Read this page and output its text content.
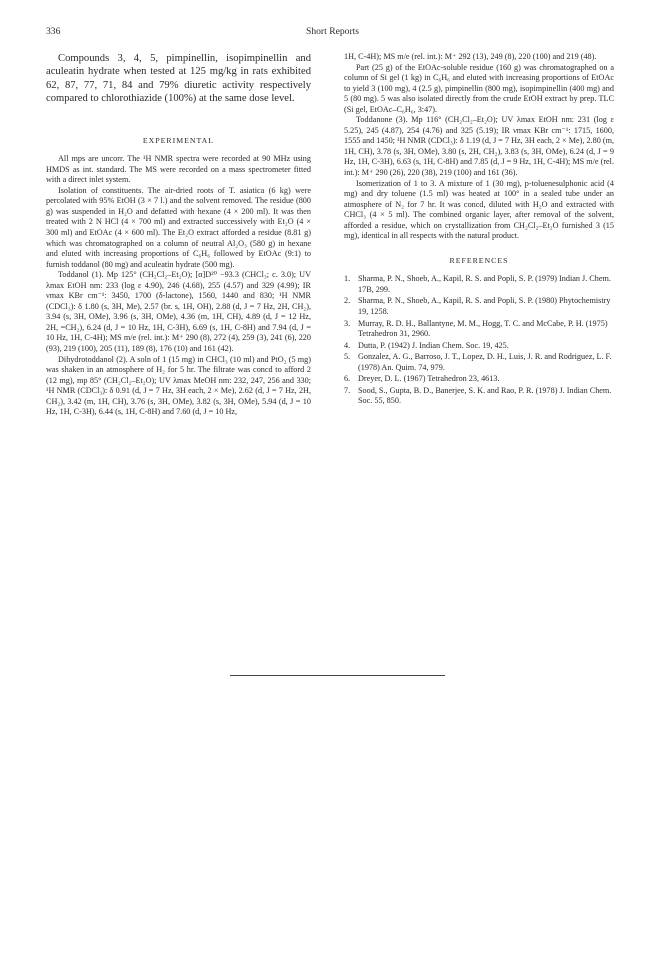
336	Short Reports
Compounds 3, 4, 5, pimpinellin, isopimpinellin and aculeatin hydrate when tested at 125 mg/kg in rats exhibited 62, 87, 77, 71, 84 and 79% diuretic activity respectively compared to chlorothiazide (100%) at the same dose level.
EXPERIMENTAL

All mps are uncorr. The ¹H NMR spectra were recorded at 90 MHz using HMDS as int. standard. The MS were recorded on a mass spectrometer fitted with a direct inlet system.

Isolation of constituents. The air-dried roots of T. asiatica (6 kg) were percolated with 95% EtOH (3 × 7 l.) and the solvent removed. The residue (800 g) was suspended in H₂O and defatted with hexane (4 × 200 ml). It was then treated with 2 N HCl (4 × 700 ml) and extracted successively with Et₂O (4 × 300 ml) and EtOAc (4 × 600 ml). The Et₂O extract afforded a residue (8.81 g) which was chromatographed on a column of neutral Al₂O₃ (580 g) in hexane and eluted with increasing proportions of C₆H₆ followed by EtOAc (9:1) to furnish toddanol (80 mg) and aculeatin hydrate (500 mg).

Toddanol (1). Mp 125° (CH₂Cl₂–Et₂O); [α]D²⁰ −93.3 (CHCl₃; c. 3.0); UV λmax EtOH nm: 233 (log ε 4.90), 246 (4.68), 255 (4.57) and 329 (4.99); IR νmax KBr cm⁻¹: 3450, 1700 (δ-lactone), 1560, 1440 and 830; ¹H NMR (CDCl₃): δ 1.80 (s, 3H, Me), 2.57 (br. s, 1H, OH), 2.88 (d, J = 7 Hz, 2H, CH₂), 3.94 (s, 3H, OMe), 3.96 (s, 3H, OMe), 4.36 (m, 1H, CH), 4.89 (d, J = 12 Hz, 2H, =CH₂), 6.24 (d, J = 10 Hz, 1H, C-3H), 6.69 (s, 1H, C-8H) and 7.94 (d, J = 10 Hz, 1H, C-4H); MS m/e (rel. int.): M⁺ 290 (8), 272 (4), 259 (3), 241 (6), 220 (93), 219 (100), 205 (11), 189 (8), 176 (10) and 161 (42).

Dihydrotoddanol (2). A soln of 1 (15 mg) in CHCl₃ (10 ml) and PtO₂ (5 mg) was shaken in an atmosphere of H₂ for 5 hr. The filtrate was concd to afford 2 (12 mg), mp 85° (CH₂Cl₂–Et₂O); UV λmax MeOH nm: 232, 247, 256 and 330; ¹H NMR (CDCl₃): δ 0.91 (d, J = 7 Hz, 3H each, 2 × Me), 2.62 (d, J = 7 Hz, 2H, CH₂), 3.42 (m, 1H, CH), 3.76 (s, 3H, OMe), 3.82 (s, 3H, OMe), 5.94 (d, J = 10 Hz, 1H, C-3H), 6.44 (s, 1H, C-8H) and 7.60 (d, J = 10 Hz,

1H, C-4H); MS m/e (rel. int.): M⁺ 292 (13), 249 (8), 220 (100) and 219 (48).

Part (25 g) of the EtOAc-soluble residue (160 g) was chromatographed on a column of Si gel (1 kg) in C₆H₆ and eluted with increasing proportions of EtOAc to yield 3 (100 mg), 4 (2.5 g), pimpinellin (800 mg), isopimpinellin (400 mg) and 5 (80 mg). 5 was also isolated directly from the crude EtOH extract by prep. TLC (Si gel, EtOAc–C₆H₆, 3:47).

Toddanone (3). Mp 116° (CH₂Cl₂–Et₂O); UV λmax EtOH nm: 231 (log ε 5.25), 245 (4.87), 254 (4.76) and 325 (5.19); IR νmax KBr cm⁻¹: 1715, 1600, 1555 and 1450; ¹H NMR (CDCl₃): δ 1.19 (d, J = 7 Hz, 3H each, 2 × Me), 2.80 (m, 1H, CH), 3.78 (s, 3H, OMe), 3.80 (s, 2H, CH₂), 3.83 (s, 3H, OMe), 6.24 (d, J = 9 Hz, 1H, C-3H), 6.63 (s, 1H, C-8H) and 7.85 (d, J = 9 Hz, 1H, C-4H); MS m/e (rel. int.): M⁺ 290 (26), 220 (38), 219 (100) and 161 (36).

Isomerization of 1 to 3. A mixture of 1 (30 mg), p-toluenesulphonic acid (4 mg) and dry toluene (1.5 ml) was heated at 100° in a sealed tube under an atmosphere of N₂ for 7 hr. It was concd, diluted with H₂O and extracted with CHCl₃ (4 × 5 ml). The combined organic layer, after removal of the solvent, afforded a residue, which on crystallization from CH₂Cl₂–Et₂O furnished 3 (15 mg), identical in all respects with the natural product.

REFERENCES
1. Sharma, P. N., Shoeb, A., Kapil, R. S. and Popli, S. P. (1979) Indian J. Chem. 17B, 299.
2. Sharma, P. N., Shoeb, A., Kapil, R. S. and Popli, S. P. (1980) Phytochemistry 19, 1258.
3. Murray, R. D. H., Ballantyne, M. M., Hogg, T. C. and McCabe, P. H. (1975) Tetrahedron 31, 2960.
4. Dutta, P. (1942) J. Indian Chem. Soc. 19, 425.
5. Gonzalez, A. G., Barroso, J. T., Lopez, D. H., Luis, J. R. and Rodriguez, L. F. (1978) An. Quim. 74, 979.
6. Dreyer, D. L. (1967) Tetrahedron 23, 4613.
7. Sood, S., Gupta, B. D., Banerjee, S. K. and Rao, P. R. (1978) J. Indian Chem. Soc. 55, 850.
